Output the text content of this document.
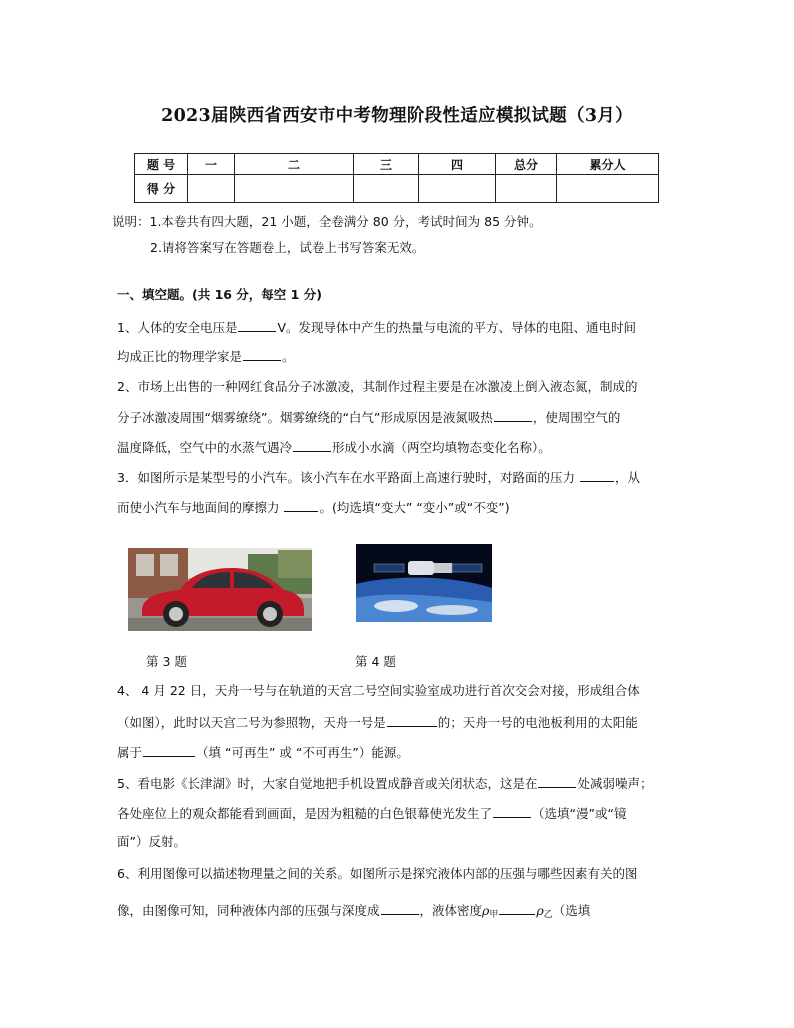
2023届陕西省西安市中考物理阶段性适应模拟试题（3月）
题 号	一	二	三	四	总分	累分人
得 分						
说明：1.本卷共有四大题，21 小题，全卷满分 80 分，考试时间为 85 分钟。
2.请将答案写在答题卷上，试卷上书写答案无效。
一、填空题。(共 16 分，每空 1 分)
1、人体的安全电压是	V。发现导体中产生的热量与电流的平方、导体的电阻、通电时间
均成正比的物理学家是	。
2、市场上出售的一种网红食品分子冰激凌，其制作过程主要是在冰激凌上倒入液态氮，制成的
分子冰激凌周围“烟雾缭绕”。烟雾缭绕的“白气”形成原因是液氮吸热	，使周围空气的
温度降低，空气中的水蒸气遇冷	形成小水滴（两空均填物态变化名称）。
3．如图所示是某型号的小汽车。该小汽车在水平路面上高速行驶时，对路面的压力	，从
而使小汽车与地面间的摩擦力	。(均选填“变大” “变小”或“不变”)
第 3 题	第 4 题
4、 4 月 22 日，天舟一号与在轨道的天宫二号空间实验室成功进行首次交会对接，形成组合体
（如图），此时以天宫二号为参照物，天舟一号是	的；天舟一号的电池板利用的太阳能
属于	（填 “可再生” 或 “不可再生”）能源。
5、看电影《长津湖》时，大家自觉地把手机设置成静音或关闭状态，这是在	处减弱噪声；
各处座位上的观众都能看到画面，是因为粗糙的白色银幕使光发生了	（选填“漫”或“镜
面”）反射。
6、利用图像可以描述物理量之间的关系。如图所示是探究液体内部的压强与哪些因素有关的图
像，由图像可知，同种液体内部的压强与深度成	，液体密度$\rho_甲$	$\rho_乙$（选填
